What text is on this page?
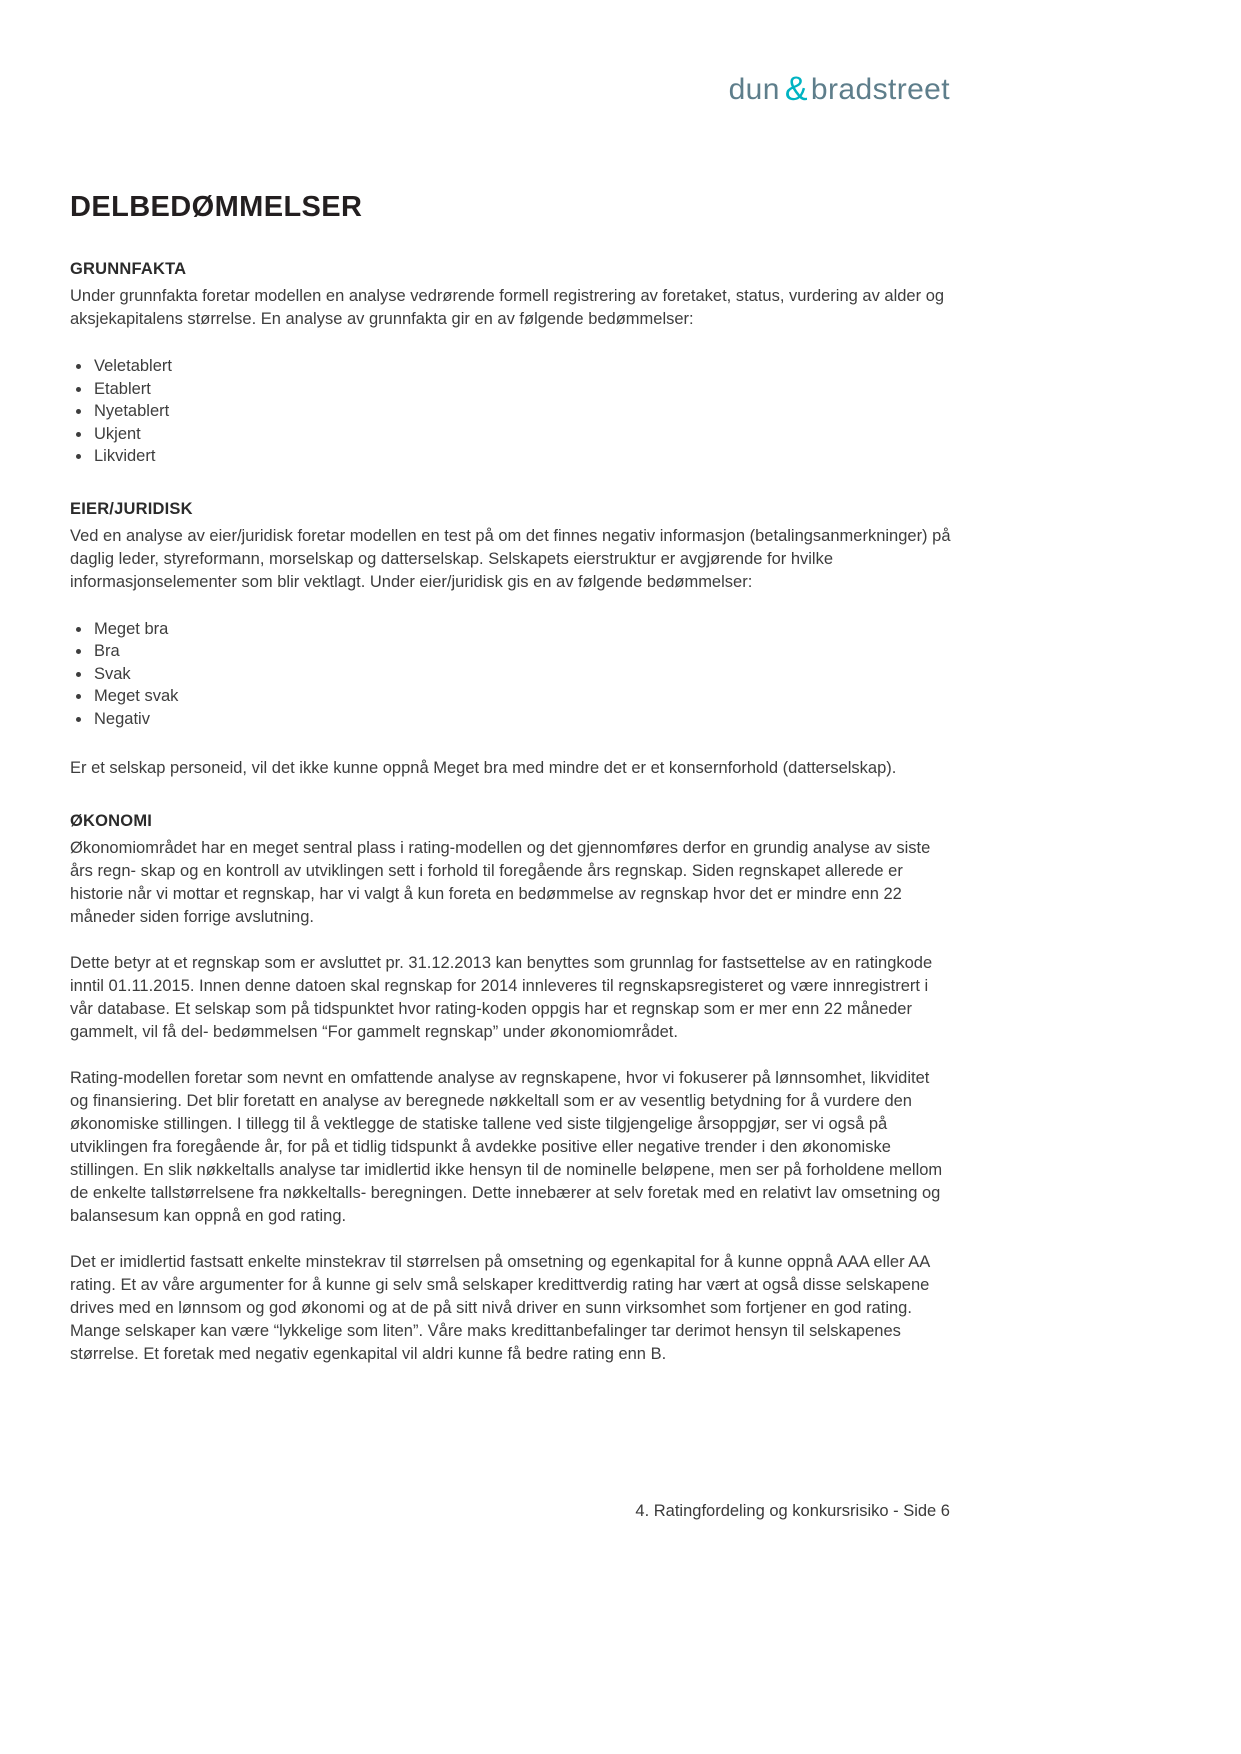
dun & bradstreet
DELBEDØMMELSER
GRUNNFAKTA

Under grunnfakta foretar modellen en analyse vedrørende formell registrering av foretaket, status, vurdering av alder og aksjekapitalens størrelse. En analyse av grunnfakta gir en av følgende bedømmelser:

• Veletablert
• Etablert
• Nyetablert
• Ukjent
• Likvidert
EIER/JURIDISK

Ved en analyse av eier/juridisk foretar modellen en test på om det finnes negativ informasjon (betalingsanmerkninger) på daglig leder, styreformann, morselskap og datterselskap. Selskapets eierstruktur er avgjørende for hvilke informasjonselementer som blir vektlagt. Under eier/juridisk gis en av følgende bedømmelser:

• Meget bra
• Bra
• Svak
• Meget svak
• Negativ

Er et selskap personeid, vil det ikke kunne oppnå Meget bra med mindre det er et konsernforhold (datterselskap).

ØKONOMI

Økonomiområdet har en meget sentral plass i rating-modellen og det gjennomføres derfor en grundig analyse av siste års regn- skap og en kontroll av utviklingen sett i forhold til foregående års regnskap. Siden regnskapet allerede er historie når vi mottar et regnskap, har vi valgt å kun foreta en bedømmelse av regnskap hvor det er mindre enn 22 måneder siden forrige avslutning.

Dette betyr at et regnskap som er avsluttet pr. 31.12.2013 kan benyttes som grunnlag for fastsettelse av en ratingkode inntil 01.11.2015. Innen denne datoen skal regnskap for 2014 innleveres til regnskapsregisteret og være innregistrert i vår database. Et selskap som på tidspunktet hvor rating-koden oppgis har et regnskap som er mer enn 22 måneder gammelt, vil få del- bedømmelsen “For gammelt regnskap” under økonomiområdet.

Rating-modellen foretar som nevnt en omfattende analyse av regnskapene, hvor vi fokuserer på lønnsomhet, likviditet og finansiering. Det blir foretatt en analyse av beregnede nøkkeltall som er av vesentlig betydning for å vurdere den økonomiske stillingen. I tillegg til å vektlegge de statiske tallene ved siste tilgjengelige årsoppgjør, ser vi også på utviklingen fra foregående år, for på et tidlig tidspunkt å avdekke positive eller negative trender i den økonomiske stillingen. En slik nøkkeltalls analyse tar imidlertid ikke hensyn til de nominelle beløpene, men ser på forholdene mellom de enkelte tallstørrelsene fra nøkkeltalls- beregningen. Dette innebærer at selv foretak med en relativt lav omsetning og balansesum kan oppnå en god rating.

Det er imidlertid fastsatt enkelte minstekrav til størrelsen på omsetning og egenkapital for å kunne oppnå AAA eller AA rating. Et av våre argumenter for å kunne gi selv små selskaper kredittverdig rating har vært at også disse selskapene drives med en lønnsom og god økonomi og at de på sitt nivå driver en sunn virksomhet som fortjener en god rating. Mange selskaper kan være “lykkelige som liten”. Våre maks kredittanbefalinger tar derimot hensyn til selskapenes størrelse. Et foretak med negativ egenkapital vil aldri kunne få bedre rating enn B.

4. Ratingfordeling og konkursrisiko - Side 6
